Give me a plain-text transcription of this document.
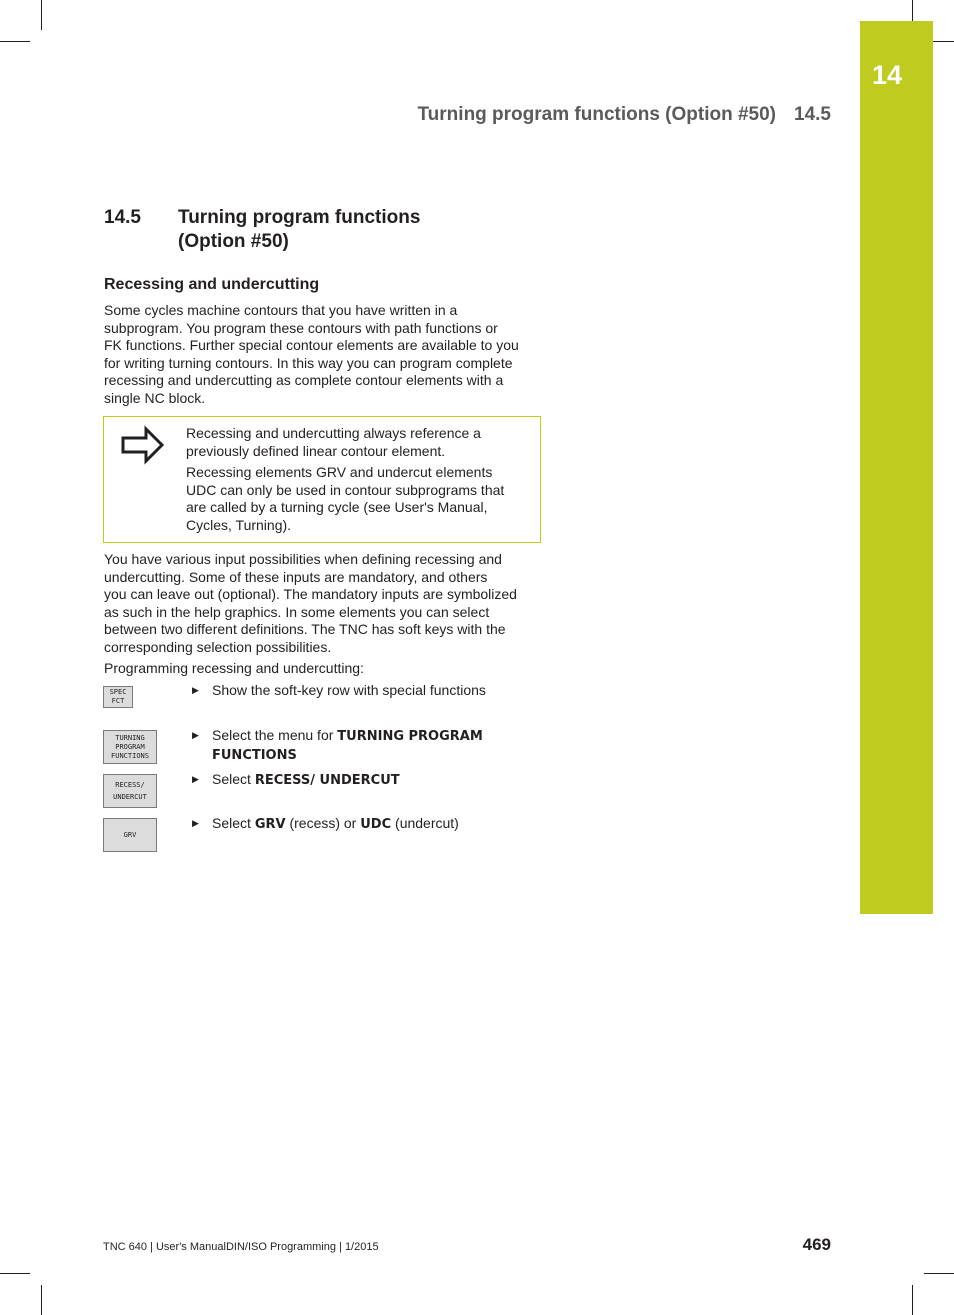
14
Turning program functions (Option #50) 14.5
14.5 Turning program functions
(Option #50)
Recessing and undercutting
Some cycles machine contours that you have written in a
subprogram. You program these contours with path functions or
FK functions. Further special contour elements are available to you
for writing turning contours. In this way you can program complete
recessing and undercutting as complete contour elements with a
single NC block.
Recessing and undercutting always reference a
previously defined linear contour element.
Recessing elements GRV and undercut elements
UDC can only be used in contour subprograms that
are called by a turning cycle (see User's Manual,
Cycles, Turning).
You have various input possibilities when defining recessing and
undercutting. Some of these inputs are mandatory, and others
you can leave out (optional). The mandatory inputs are symbolized
as such in the help graphics. In some elements you can select
between two different definitions. The TNC has soft keys with the
corresponding selection possibilities.
Programming recessing and undercutting:
SPEC
FCT
▶ Show the soft-key row with special functions
TURNING
PROGRAM
FUNCTIONS
▶ Select the menu for TURNING PROGRAM FUNCTIONS
RECESS/
UNDERCUT
▶ Select RECESS/ UNDERCUT
GRV
▶ Select GRV (recess) or UDC (undercut)
TNC 640 | User's ManualDIN/ISO Programming | 1/2015	469
